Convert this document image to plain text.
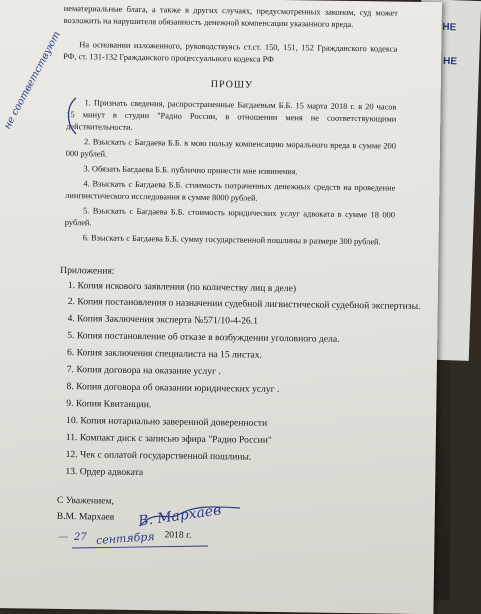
НЕ
НЕ
нематериальные блага, а также в других случаях, предусмотренных законом, суд может
возложить на нарушителя обязанность денежной компенсации указанного вреда.
На основании изложенного, руководствуясь ст.ст. 150, 151, 152 Гражданского кодекса
РФ, ст. 131-132 Гражданского процессуального кодекса РФ
ПРОШУ
1. Признать сведения, распространенные Багдаевым Б.Б. 15 марта 2018 г. в 20 часов
15 минут в студии "Радио России, в отношении меня не соответствующими
действительности.
2. Взыскать с Багдаева Б.Б. в мою пользу компенсацию морального вреда в сумме 200
000 рублей.
3. Обязать Багдаева Б.Б. публично принести мне извинения.
4. Взыскать с Багдаева Б.Б. стоимость потраченных денежных средств на проведение
лингвистического исследования в сумме 8000 рублей.
5. Взыскать с Багдаева Б.Б. стоимость юридических услуг адвоката в сумме 18 000
рублей.
6. Взыскать с Багдаева Б.Б. сумму государственной пошлины в размере 300 рублей.
Приложения:
1. Копия искового заявления (по количеству лиц в деле)
2. Копия постановления о назначении судебной лигвистической судебной экспертизы.
4. Копия Заключения эксперта №571/10-4-26.1
5. Копия постановление об отказе в возбуждении уголовного дела.
6. Копия заключения специалиста на 15 листах.
7. Копия договора на оказание услуг .
8. Копия договора об оказании юридических услуг .
9. Копия Квитанции.
10. Копия нотариально заверенной доверенности
11. Компакт диск с записью эфира "Радио России"
12. Чек с оплатой государственной пошлины.
13. Ордер адвоката
С Уважением,
В.М. Мархаев
__	2018 г.
не соответствуют
В. Мархаев
27 сентября
